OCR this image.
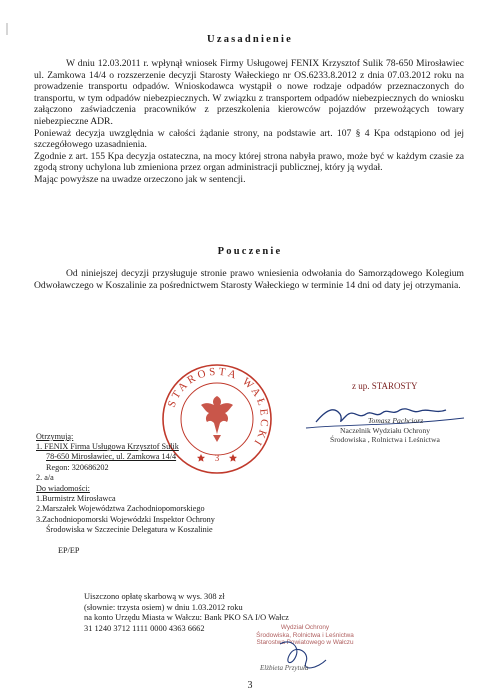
Uzasadnienie

W dniu 12.03.2011 r. wpłynął wniosek Firmy Usługowej FENIX Krzysztof Sulik 78-650 Mirosławiec ul. Zamkowa 14/4 o rozszerzenie decyzji Starosty Wałeckiego nr OS.6233.8.2012 z dnia 07.03.2012 roku na prowadzenie transportu odpadów. Wnioskodawca wystąpił o nowe rodzaje odpadów przeznaczonych do transportu, w tym odpadów niebezpiecznych. W związku z transportem odpadów niebezpiecznych do wniosku załączono zaświadczenia pracowników z przeszkolenia kierowców pojazdów przewożących towary niebezpieczne ADR.

Ponieważ decyzja uwzględnia w całości żądanie strony, na podstawie art. 107 § 4 Kpa odstąpiono od jej szczegółowego uzasadnienia.

Zgodnie z art. 155 Kpa decyzja ostateczna, na mocy której strona nabyła prawo, może być w każdym czasie za zgodą strony uchylona lub zmieniona przez organ administracji publicznej, który ją wydał.

Mając powyższe na uwadze orzeczono jak w sentencji.

Pouczenie

Od niniejszej decyzji przysługuje stronie prawo wniesienia odwołania do Samorządowego Kolegium Odwoławczego w Koszalinie za pośrednictwem Starosty Wałeckiego w terminie 14 dni od daty jej otrzymania.

STAROSTA WAŁECKI
3
z up. STAROSTY
Tomasz Pachciorz
Naczelnik Wydziału Ochrony
Środowiska , Rolnictwa i Leśnictwa
Otrzymują:
1. FENIX Firma Usługowa Krzysztof Sulik
78-650 Mirosławiec, ul. Zamkowa 14/4
Regon: 320686202
2. a/a
Do wiadomości:
1.Burmistrz Mirosławca
2.Marszałek Województwa Zachodniopomorskiego
3.Zachodniopomorski Wojewódzki Inspektor Ochrony
Środowiska w Szczecinie Delegatura w Koszalinie
EP/EP
Uiszczono opłatę skarbową w wys. 308 zł
(słownie: trzysta osiem) w dniu 1.03.2012 roku
na konto Urzędu Miasta w Wałczu: Bank PKO SA I/O Wałcz
31 1240 3712 1111 0000 4363 6662	Wydział Ochrony
Środowiska, Rolnictwa i Leśnictwa
Starostwa Powiatowego w Wałczu
Elżbieta Przytuła
3
